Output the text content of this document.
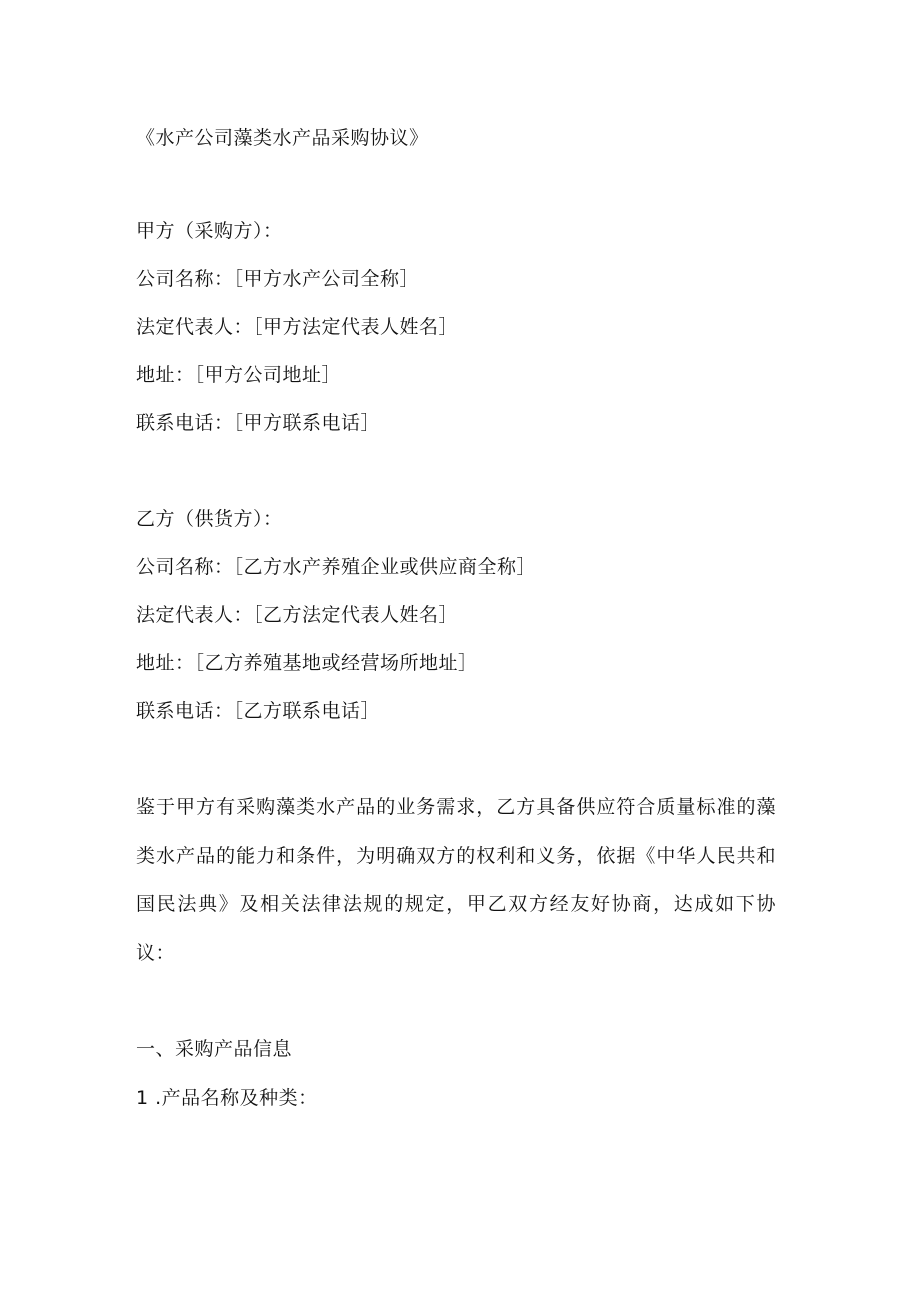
《水产公司藻类水产品采购协议》
甲方（采购方）：
公司名称：［甲方水产公司全称］
法定代表人：［甲方法定代表人姓名］
地址：［甲方公司地址］
联系电话：［甲方联系电话］
乙方（供货方）：
公司名称：［乙方水产养殖企业或供应商全称］
法定代表人：［乙方法定代表人姓名］
地址：［乙方养殖基地或经营场所地址］
联系电话：［乙方联系电话］
鉴于甲方有采购藻类水产品的业务需求，乙方具备供应符合质量标准的藻类水产品的能力和条件，为明确双方的权利和义务，依据《中华人民共和国民法典》及相关法律法规的规定，甲乙双方经友好协商，达成如下协议：
一、采购产品信息
1 .产品名称及种类：
